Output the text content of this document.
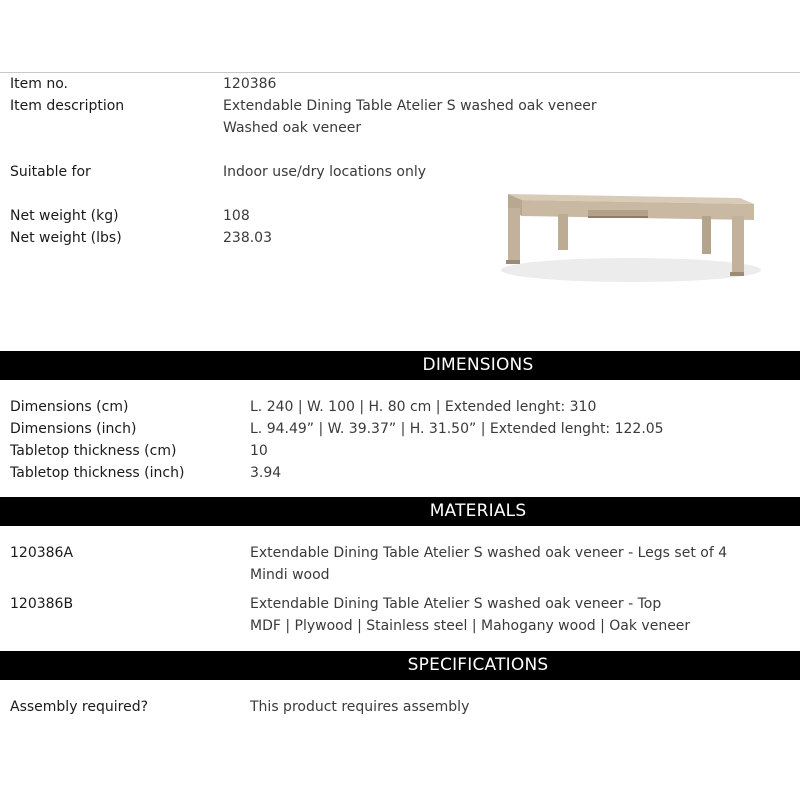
Item no.	120386
Item description	Extendable Dining Table Atelier S washed oak veneer
Washed oak veneer
Suitable for	Indoor use/dry locations only
Net weight (kg)	108
Net weight (lbs)	238.03
DIMENSIONS
Dimensions (cm)	L. 240 | W. 100 | H. 80 cm | Extended lenght: 310
Dimensions (inch)	L. 94.49” | W. 39.37” | H. 31.50” | Extended lenght: 122.05
Tabletop thickness (cm)	10
Tabletop thickness (inch)	3.94
MATERIALS
120386A	Extendable Dining Table Atelier S washed oak veneer - Legs set of 4
Mindi wood
120386B	Extendable Dining Table Atelier S washed oak veneer - Top
MDF | Plywood | Stainless steel | Mahogany wood | Oak veneer
SPECIFICATIONS
Assembly required?	This product requires assembly
